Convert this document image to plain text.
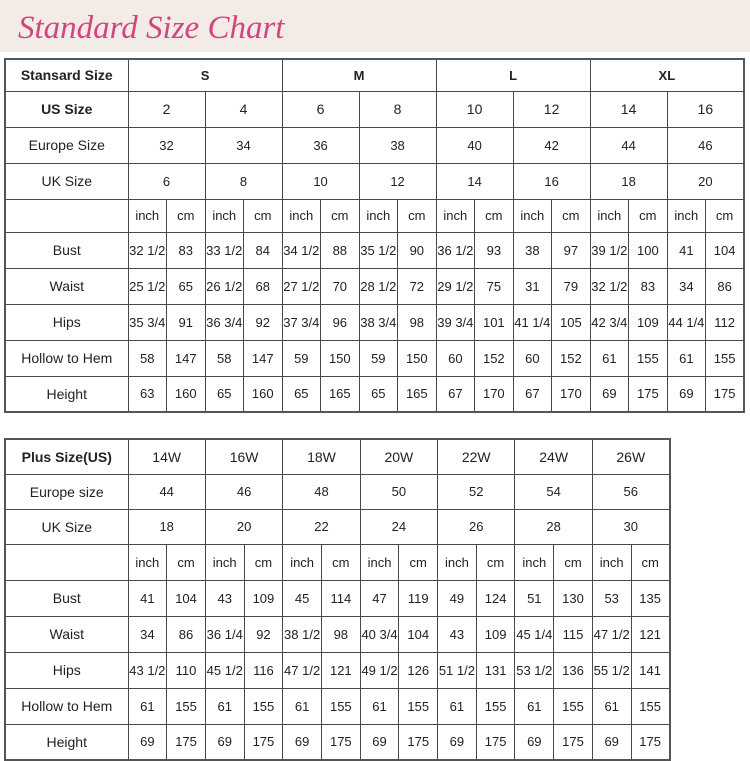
Standard Size Chart
Stansard Size	S				M				L				XL			
US Size	2		4		6		8		10		12		14		16	
Europe Size	32		34		36		38		40		42		44		46	
UK Size	6		8		10		12		14		16		18		20	
	inch	cm	inch	cm	inch	cm	inch	cm	inch	cm	inch	cm	inch	cm	inch	cm
Bust	32 1/2	83	33 1/2	84	34 1/2	88	35 1/2	90	36 1/2	93	38	97	39 1/2	100	41	104
Waist	25 1/2	65	26 1/2	68	27 1/2	70	28 1/2	72	29 1/2	75	31	79	32 1/2	83	34	86
Hips	35 3/4	91	36 3/4	92	37 3/4	96	38 3/4	98	39 3/4	101	41 1/4	105	42 3/4	109	44 1/4	112
Hollow to Hem	58	147	58	147	59	150	59	150	60	152	60	152	61	155	61	155
Height	63	160	65	160	65	165	65	165	67	170	67	170	69	175	69	175
Plus Size(US)	14W		16W		18W		20W		22W		24W		26W	
Europe size	44		46		48		50		52		54		56	
UK Size	18		20		22		24		26		28		30	
	inch	cm	inch	cm	inch	cm	inch	cm	inch	cm	inch	cm	inch	cm
Bust	41	104	43	109	45	114	47	119	49	124	51	130	53	135
Waist	34	86	36 1/4	92	38 1/2	98	40 3/4	104	43	109	45 1/4	115	47 1/2	121
Hips	43 1/2	110	45 1/2	116	47 1/2	121	49 1/2	126	51 1/2	131	53 1/2	136	55 1/2	141
Hollow to Hem	61	155	61	155	61	155	61	155	61	155	61	155	61	155
Height	69	175	69	175	69	175	69	175	69	175	69	175	69	175
